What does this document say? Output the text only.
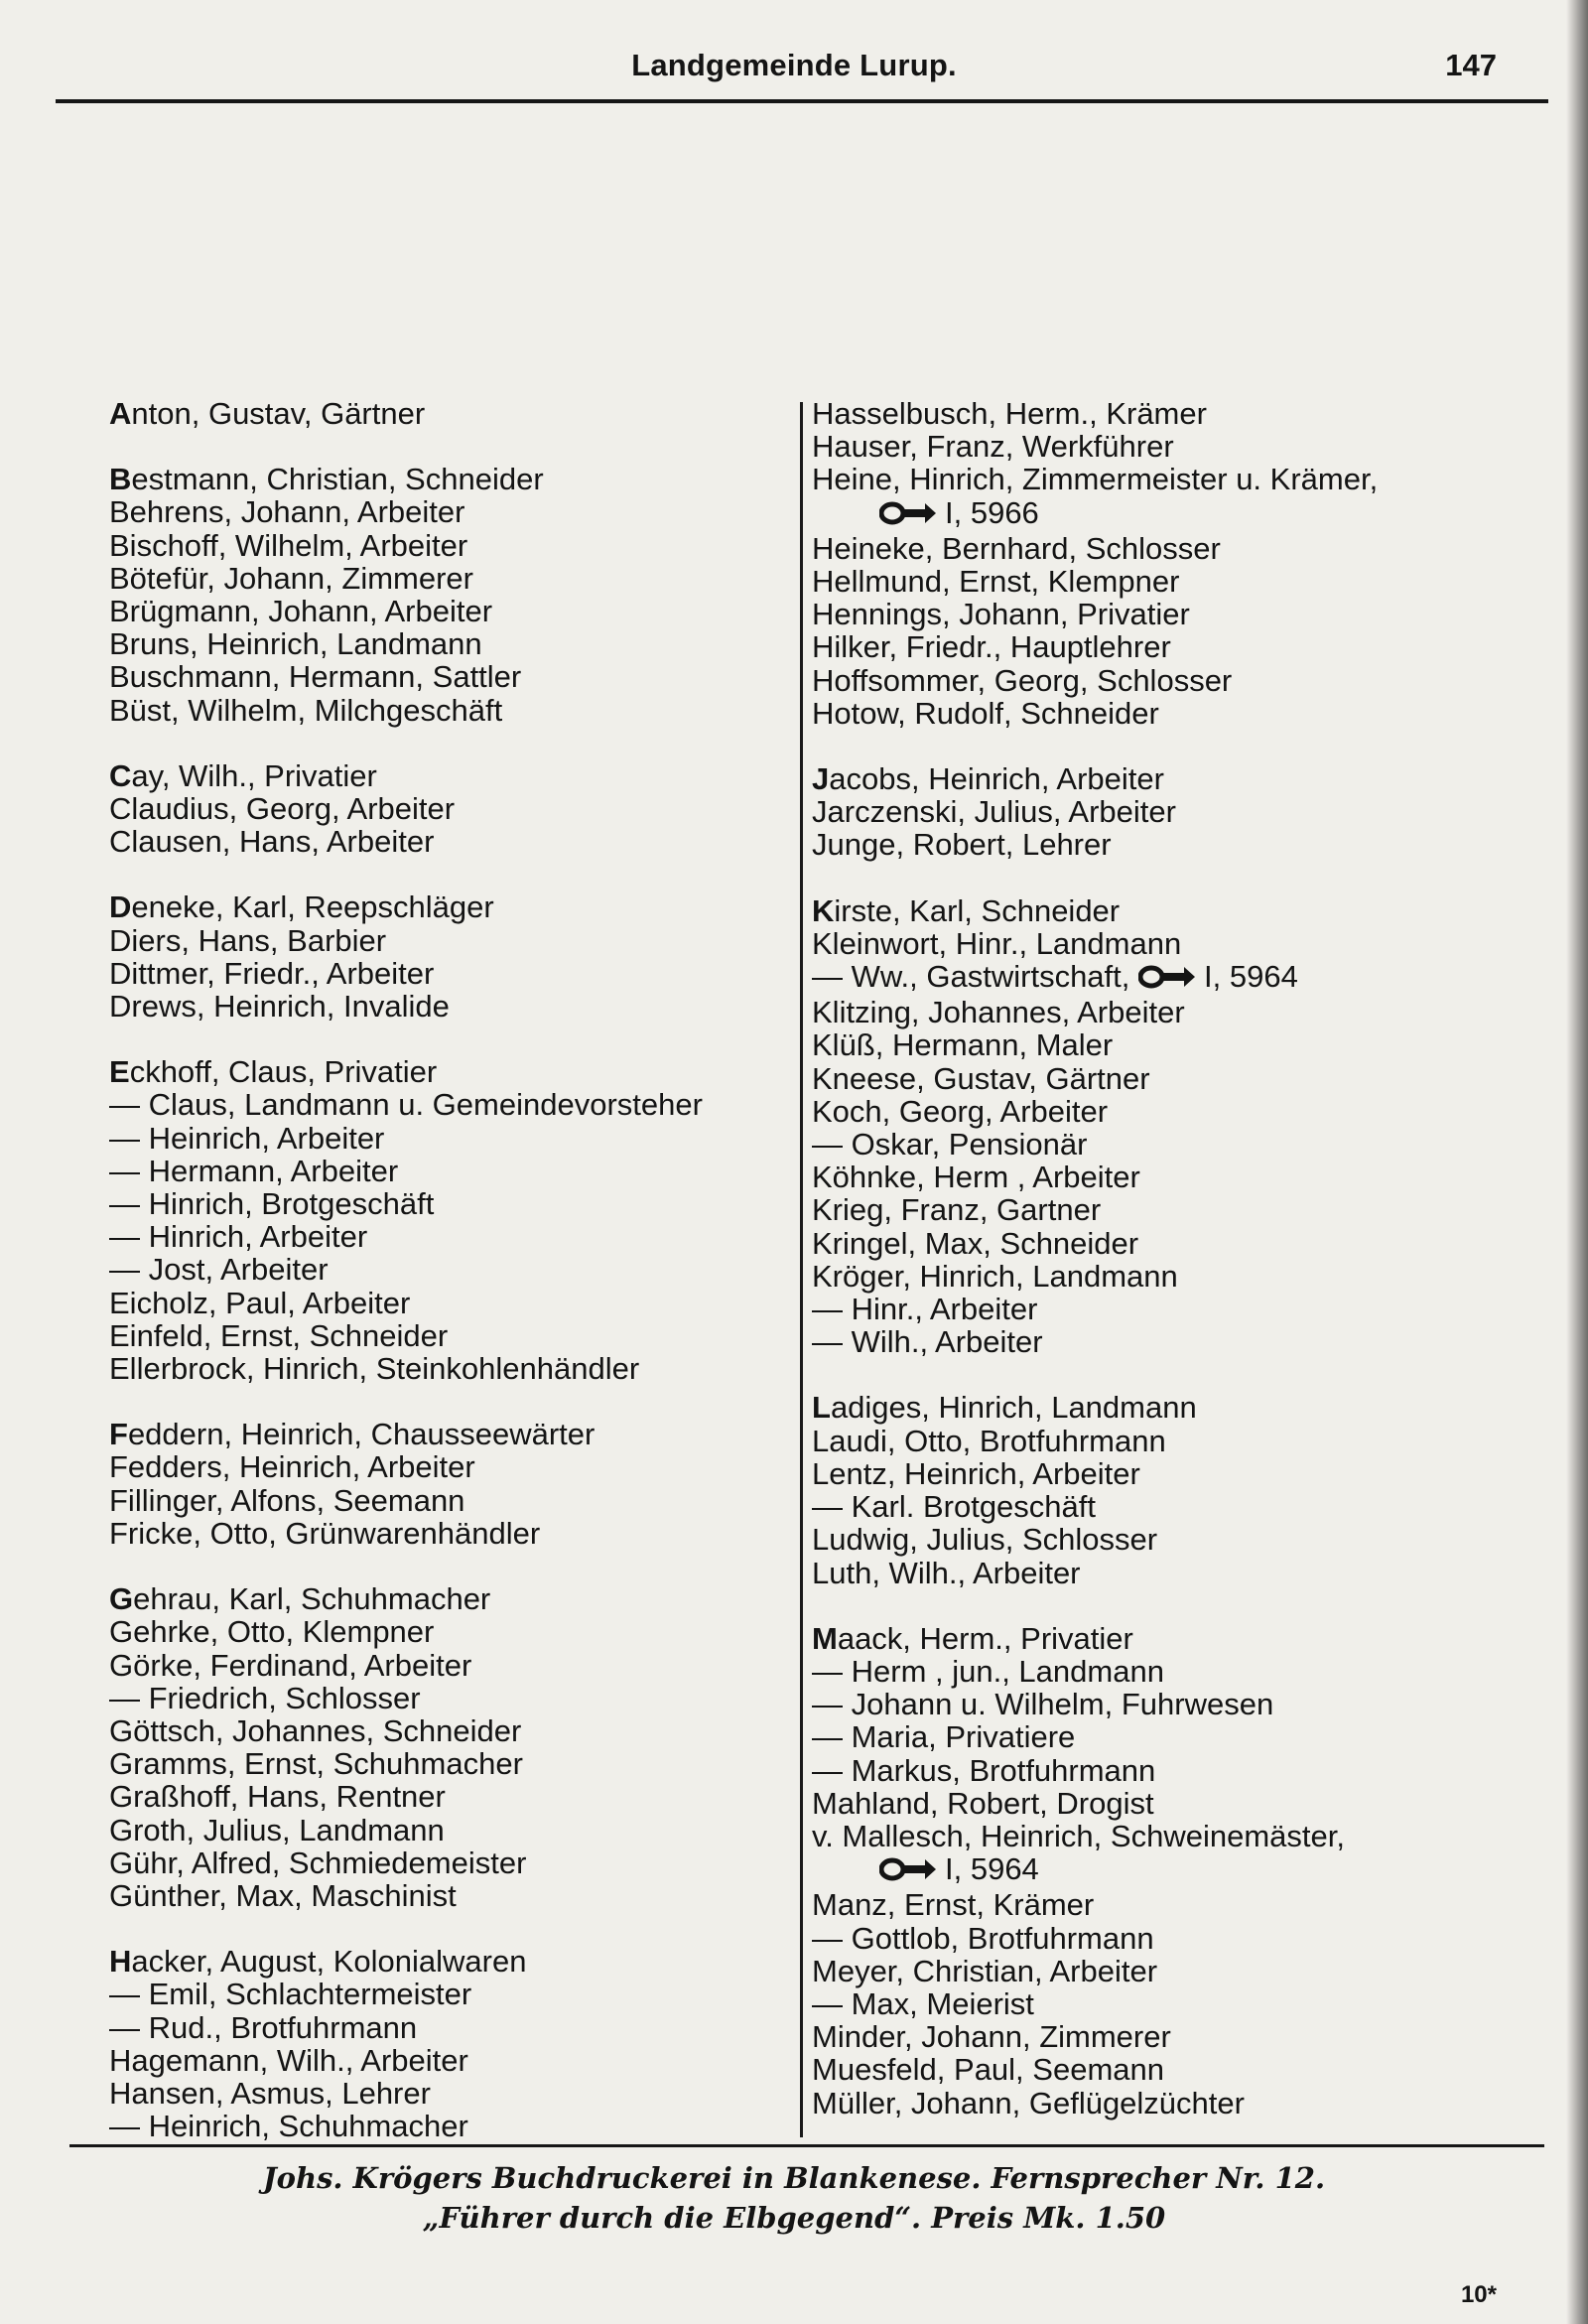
Landgemeinde Lurup.	147
Anton, Gustav, Gärtner
Bestmann, Christian, Schneider
Behrens, Johann, Arbeiter
Bischoff, Wilhelm, Arbeiter
Bötefür, Johann, Zimmerer
Brügmann, Johann, Arbeiter
Bruns, Heinrich, Landmann
Buschmann, Hermann, Sattler
Büst, Wilhelm, Milchgeschäft
Cay, Wilh., Privatier
Claudius, Georg, Arbeiter
Clausen, Hans, Arbeiter
Deneke, Karl, Reepschläger
Diers, Hans, Barbier
Dittmer, Friedr., Arbeiter
Drews, Heinrich, Invalide
Eckhoff, Claus, Privatier
— Claus, Landmann u. Gemeindevorsteher
— Heinrich, Arbeiter
— Hermann, Arbeiter
— Hinrich, Brotgeschäft
— Hinrich, Arbeiter
— Jost, Arbeiter
Eicholz, Paul, Arbeiter
Einfeld, Ernst, Schneider
Ellerbrock, Hinrich, Steinkohlenhändler
Feddern, Heinrich, Chausseewärter
Fedders, Heinrich, Arbeiter
Fillinger, Alfons, Seemann
Fricke, Otto, Grünwarenhändler
Gehrau, Karl, Schuhmacher
Gehrke, Otto, Klempner
Görke, Ferdinand, Arbeiter
— Friedrich, Schlosser
Göttsch, Johannes, Schneider
Gramms, Ernst, Schuhmacher
Graßhoff, Hans, Rentner
Groth, Julius, Landmann
Gühr, Alfred, Schmiedemeister
Günther, Max, Maschinist
Hacker, August, Kolonialwaren
— Emil, Schlachtermeister
— Rud., Brotfuhrmann
Hagemann, Wilh., Arbeiter
Hansen, Asmus, Lehrer
— Heinrich, Schuhmacher
Hasselbusch, Herm., Krämer
Hauser, Franz, Werkführer
Heine, Hinrich, Zimmermeister u. Krämer,
I, 5966
Heineke, Bernhard, Schlosser
Hellmund, Ernst, Klempner
Hennings, Johann, Privatier
Hilker, Friedr., Hauptlehrer
Hoffsommer, Georg, Schlosser
Hotow, Rudolf, Schneider
Jacobs, Heinrich, Arbeiter
Jarczenski, Julius, Arbeiter
Junge, Robert, Lehrer
Kirste, Karl, Schneider
Kleinwort, Hinr., Landmann
— Ww., Gastwirtschaft, I, 5964
Klitzing, Johannes, Arbeiter
Klüß, Hermann, Maler
Kneese, Gustav, Gärtner
Koch, Georg, Arbeiter
— Oskar, Pensionär
Köhnke, Herm , Arbeiter
Krieg, Franz, Gartner
Kringel, Max, Schneider
Kröger, Hinrich, Landmann
— Hinr., Arbeiter
— Wilh., Arbeiter
Ladiges, Hinrich, Landmann
Laudi, Otto, Brotfuhrmann
Lentz, Heinrich, Arbeiter
— Karl. Brotgeschäft
Ludwig, Julius, Schlosser
Luth, Wilh., Arbeiter
Maack, Herm., Privatier
— Herm , jun., Landmann
— Johann u. Wilhelm, Fuhrwesen
— Maria, Privatiere
— Markus, Brotfuhrmann
Mahland, Robert, Drogist
v. Mallesch, Heinrich, Schweinemäster,
I, 5964
Manz, Ernst, Krämer
— Gottlob, Brotfuhrmann
Meyer, Christian, Arbeiter
— Max, Meierist
Minder, Johann, Zimmerer
Muesfeld, Paul, Seemann
Müller, Johann, Geflügelzüchter
Johs. Krögers Buchdruckerei in Blankenese. Fernsprecher Nr. 12.
„Führer durch die Elbgegend“. Preis Mk. 1.50
10*
